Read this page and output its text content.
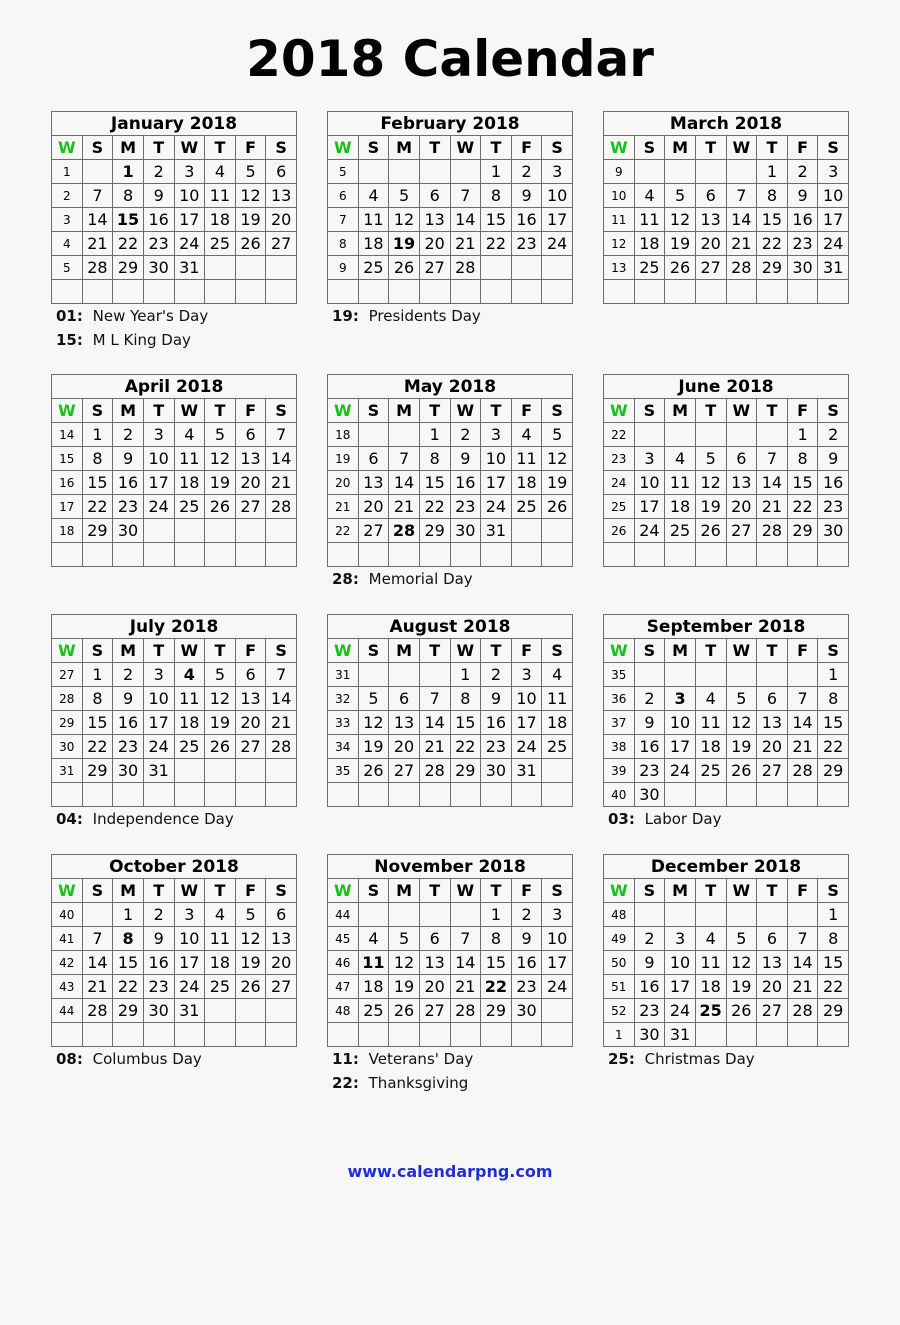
2018 Calendar
January 2018							
W	S	M	T	W	T	F	S
1		1	2	3	4	5	6
2	7	8	9	10	11	12	13
3	14	15	16	17	18	19	20
4	21	22	23	24	25	26	27
5	28	29	30	31			

01: New Year's Day
15: M L King Day
February 2018							
W	S	M	T	W	T	F	S
5					1	2	3
6	4	5	6	7	8	9	10
7	11	12	13	14	15	16	17
8	18	19	20	21	22	23	24
9	25	26	27	28			

19: Presidents Day
March 2018							
W	S	M	T	W	T	F	S
9					1	2	3
10	4	5	6	7	8	9	10
11	11	12	13	14	15	16	17
12	18	19	20	21	22	23	24
13	25	26	27	28	29	30	31

April 2018							
W	S	M	T	W	T	F	S
14	1	2	3	4	5	6	7
15	8	9	10	11	12	13	14
16	15	16	17	18	19	20	21
17	22	23	24	25	26	27	28
18	29	30					

May 2018							
W	S	M	T	W	T	F	S
18			1	2	3	4	5
19	6	7	8	9	10	11	12
20	13	14	15	16	17	18	19
21	20	21	22	23	24	25	26
22	27	28	29	30	31		

28: Memorial Day
June 2018							
W	S	M	T	W	T	F	S
22						1	2
23	3	4	5	6	7	8	9
24	10	11	12	13	14	15	16
25	17	18	19	20	21	22	23
26	24	25	26	27	28	29	30

July 2018							
W	S	M	T	W	T	F	S
27	1	2	3	4	5	6	7
28	8	9	10	11	12	13	14
29	15	16	17	18	19	20	21
30	22	23	24	25	26	27	28
31	29	30	31				

04: Independence Day
August 2018							
W	S	M	T	W	T	F	S
31				1	2	3	4
32	5	6	7	8	9	10	11
33	12	13	14	15	16	17	18
34	19	20	21	22	23	24	25
35	26	27	28	29	30	31	

September 2018							
W	S	M	T	W	T	F	S
35							1
36	2	3	4	5	6	7	8
37	9	10	11	12	13	14	15
38	16	17	18	19	20	21	22
39	23	24	25	26	27	28	29
40	30						
03: Labor Day
October 2018							
W	S	M	T	W	T	F	S
40		1	2	3	4	5	6
41	7	8	9	10	11	12	13
42	14	15	16	17	18	19	20
43	21	22	23	24	25	26	27
44	28	29	30	31			

08: Columbus Day
November 2018							
W	S	M	T	W	T	F	S
44					1	2	3
45	4	5	6	7	8	9	10
46	11	12	13	14	15	16	17
47	18	19	20	21	22	23	24
48	25	26	27	28	29	30	

11: Veterans' Day
22: Thanksgiving
December 2018							
W	S	M	T	W	T	F	S
48							1
49	2	3	4	5	6	7	8
50	9	10	11	12	13	14	15
51	16	17	18	19	20	21	22
52	23	24	25	26	27	28	29
1	30	31					
25: Christmas Day
www.calendarpng.com
